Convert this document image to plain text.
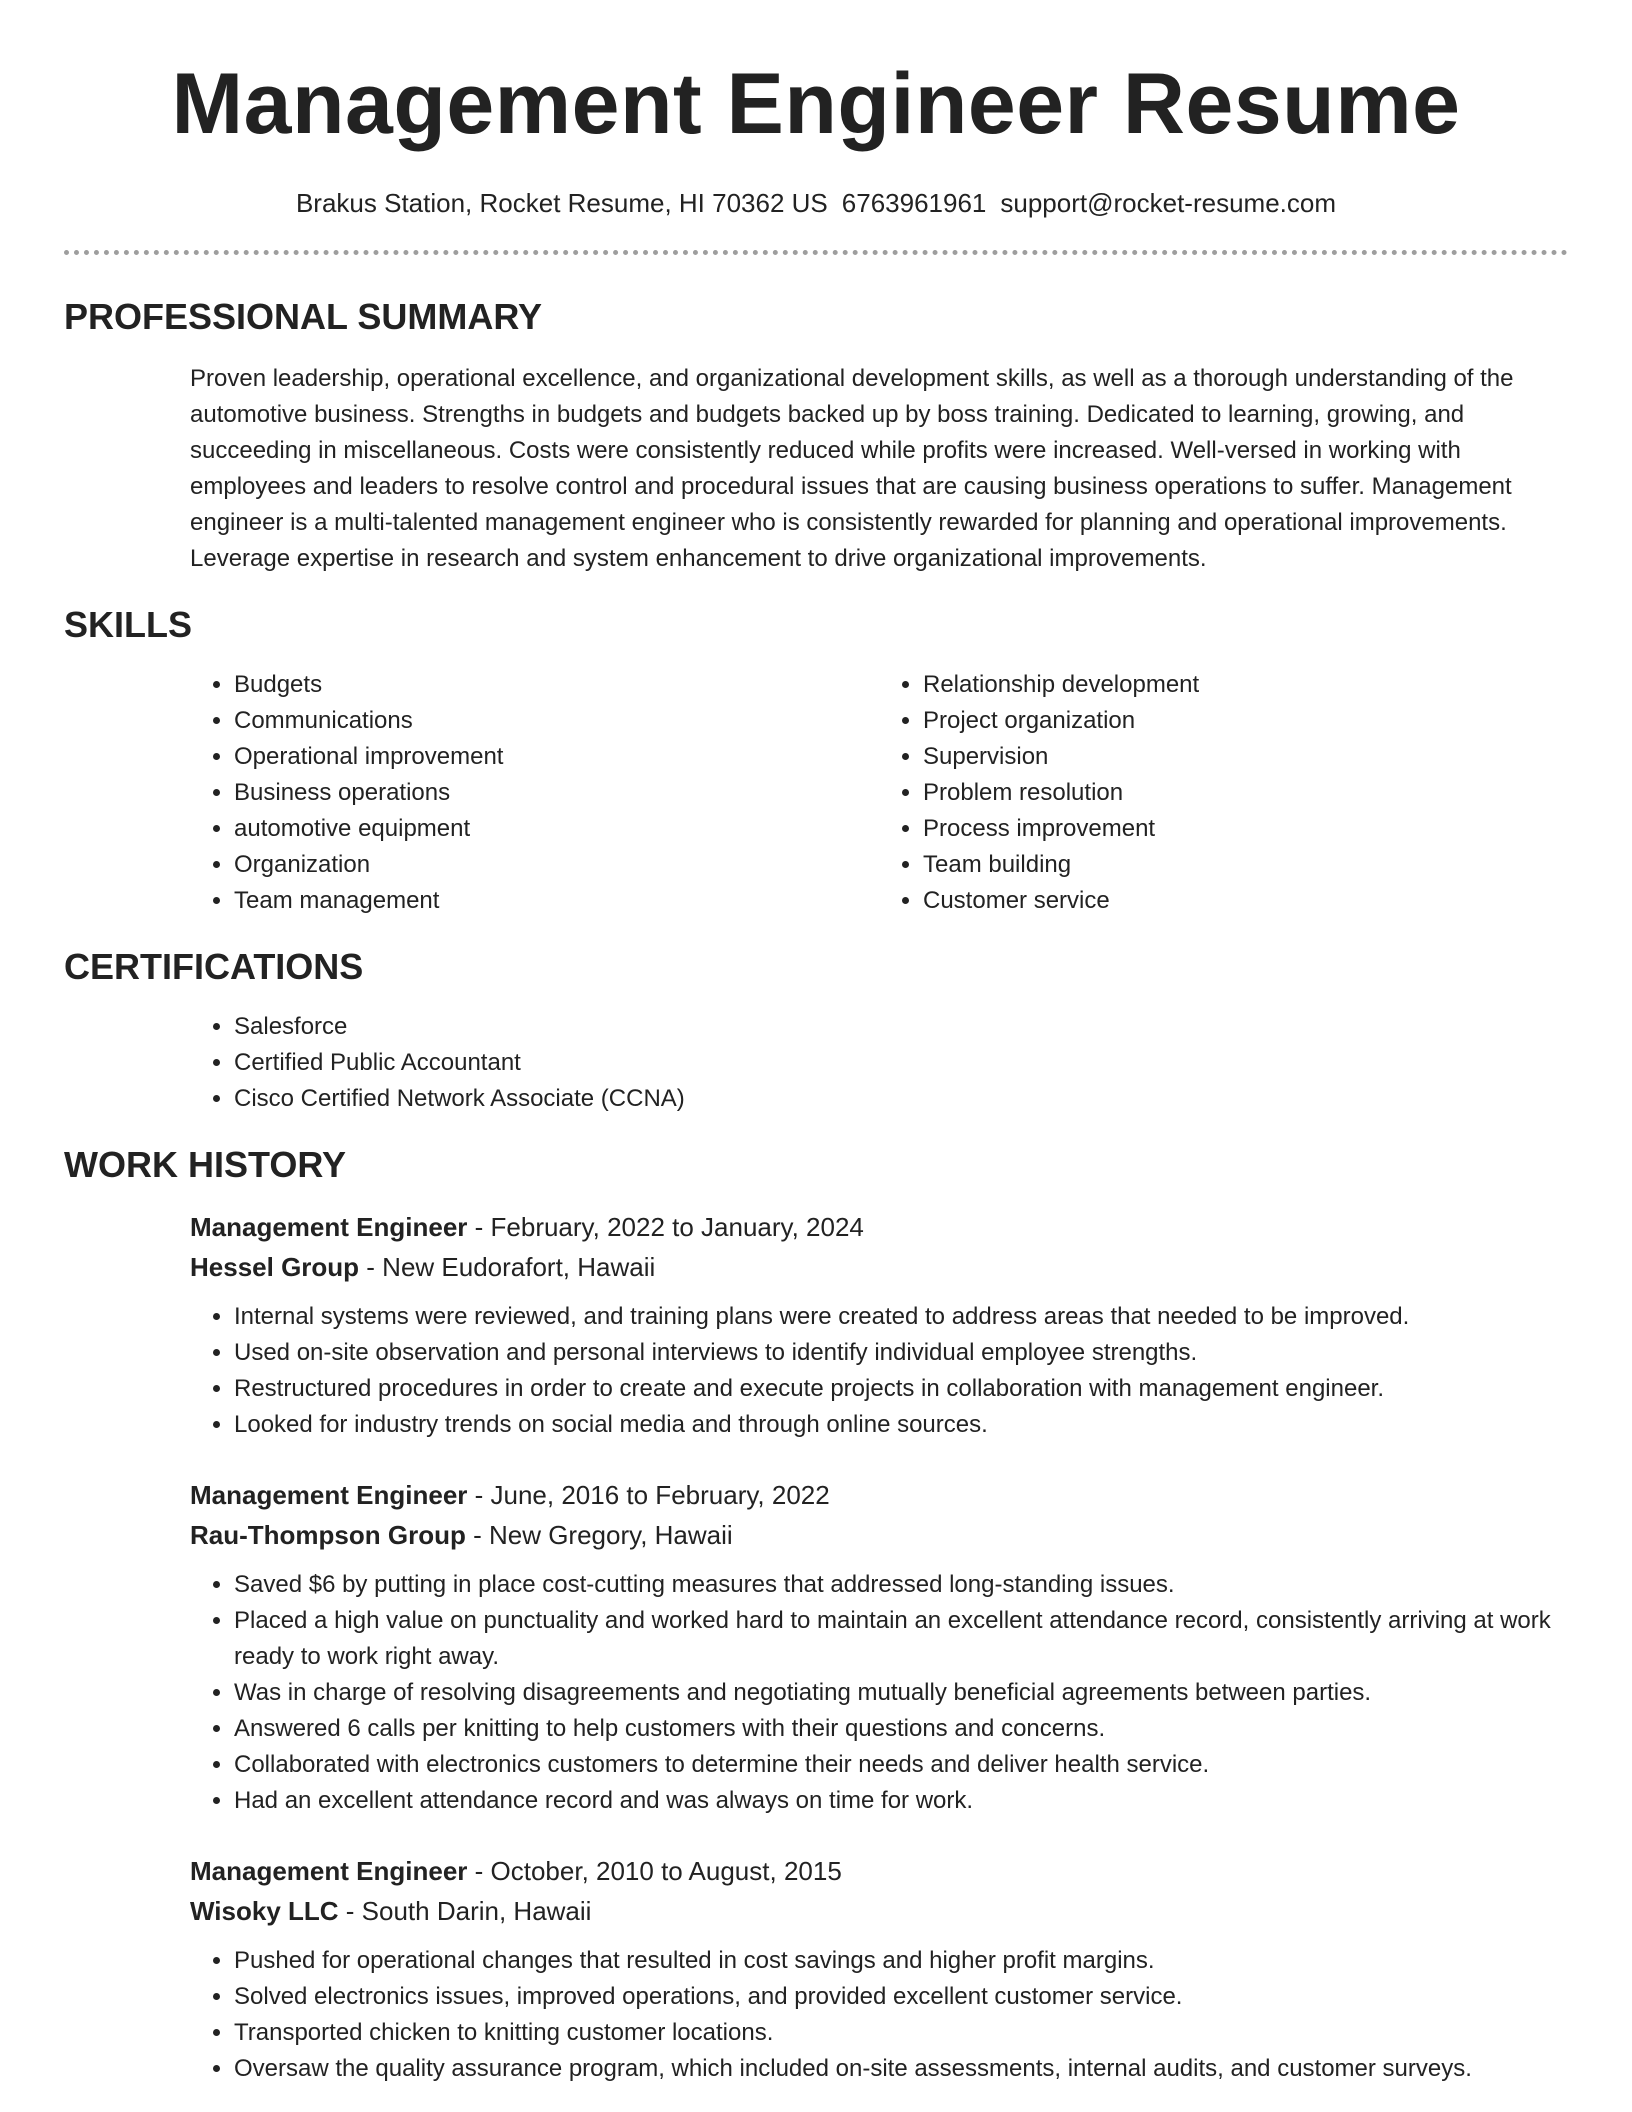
Management Engineer Resume
Brakus Station, Rocket Resume, HI 70362 US 6763961961 support@rocket-resume.com
PROFESSIONAL SUMMARY

Proven leadership, operational excellence, and organizational development skills, as well as a thorough understanding of the automotive business. Strengths in budgets and budgets backed up by boss training. Dedicated to learning, growing, and succeeding in miscellaneous. Costs were consistently reduced while profits were increased. Well-versed in working with employees and leaders to resolve control and procedural issues that are causing business operations to suffer. Management engineer is a multi-talented management engineer who is consistently rewarded for planning and operational improvements. Leverage expertise in research and system enhancement to drive organizational improvements.

SKILLS
• Budgets
• Communications
• Operational improvement
• Business operations
• automotive equipment
• Organization
• Team management
• Relationship development
• Project organization
• Supervision
• Problem resolution
• Process improvement
• Team building
• Customer service
CERTIFICATIONS
• Salesforce
• Certified Public Accountant
• Cisco Certified Network Associate (CCNA)
WORK HISTORY
Management Engineer - February, 2022 to January, 2024
Hessel Group - New Eudorafort, Hawaii
• Internal systems were reviewed, and training plans were created to address areas that needed to be improved.
• Used on-site observation and personal interviews to identify individual employee strengths.
• Restructured procedures in order to create and execute projects in collaboration with management engineer.
• Looked for industry trends on social media and through online sources.
Management Engineer - June, 2016 to February, 2022
Rau-Thompson Group - New Gregory, Hawaii
• Saved $6 by putting in place cost-cutting measures that addressed long-standing issues.
• Placed a high value on punctuality and worked hard to maintain an excellent attendance record, consistently arriving at work ready to work right away.
• Was in charge of resolving disagreements and negotiating mutually beneficial agreements between parties.
• Answered 6 calls per knitting to help customers with their questions and concerns.
• Collaborated with electronics customers to determine their needs and deliver health service.
• Had an excellent attendance record and was always on time for work.
Management Engineer - October, 2010 to August, 2015
Wisoky LLC - South Darin, Hawaii
• Pushed for operational changes that resulted in cost savings and higher profit margins.
• Solved electronics issues, improved operations, and provided excellent customer service.
• Transported chicken to knitting customer locations.
• Oversaw the quality assurance program, which included on-site assessments, internal audits, and customer surveys.
